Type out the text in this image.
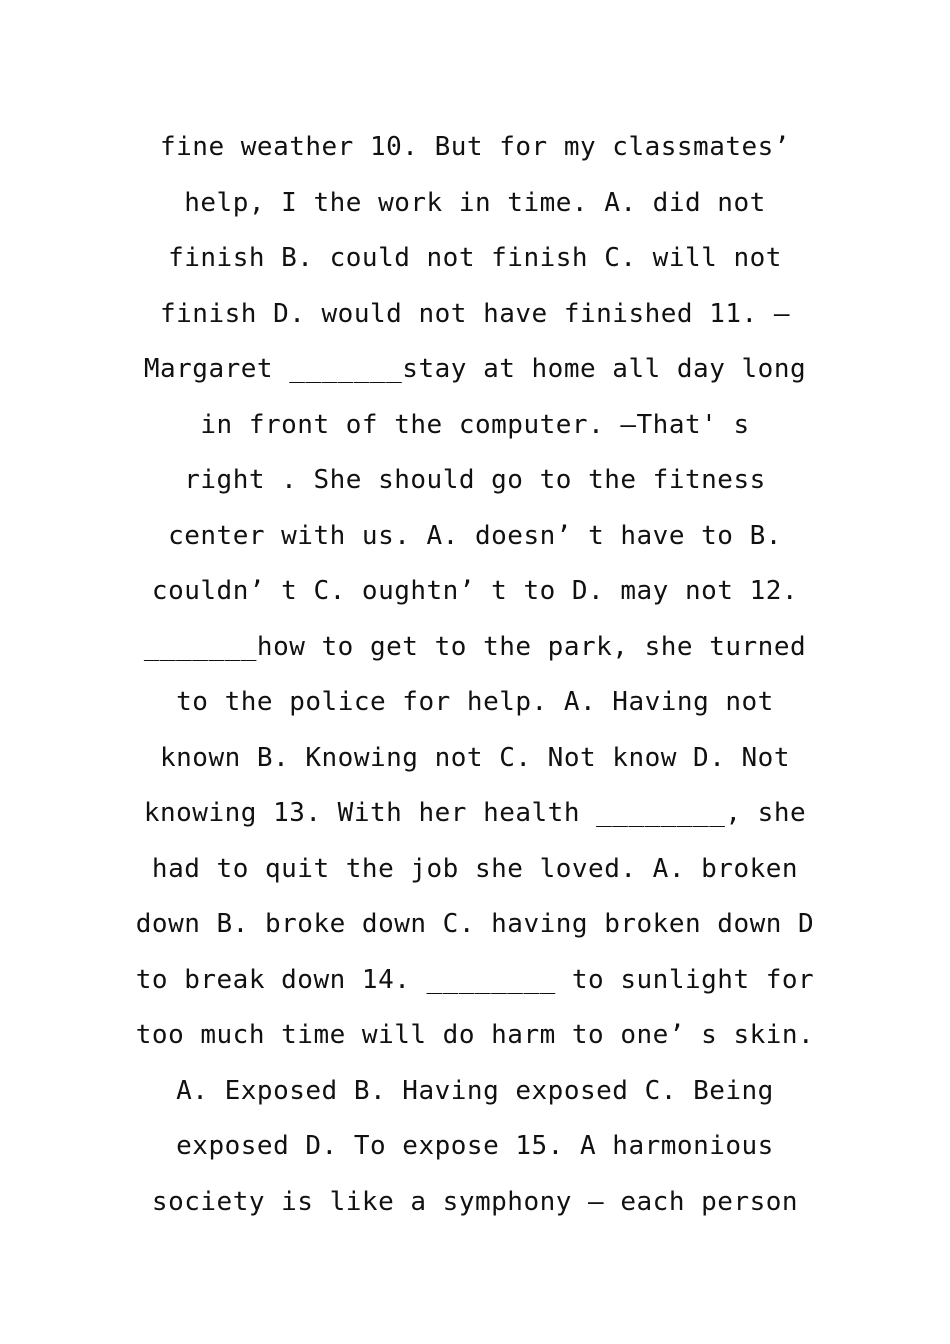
fine weather 10. But for my classmates’
help, I the work in time. A. did not
finish B. could not finish C. will not
finish D. would not have finished 11. —
Margaret _______stay at home all day long
in front of the computer. —That' s
right . She should go to the fitness
center with us. A. doesn’ t have to B.
couldn’ t C. oughtn’ t to D. may not 12.
_______how to get to the park, she turned
to the police for help. A. Having not
known B. Knowing not C. Not know D. Not
knowing 13. With her health ________, she
had to quit the job she loved. A. broken
down B. broke down C. having broken down D
to break down 14. ________ to sunlight for
too much time will do harm to one’ s skin.
A. Exposed B. Having exposed C. Being
exposed D. To expose 15. A harmonious
society is like a symphony — each person
